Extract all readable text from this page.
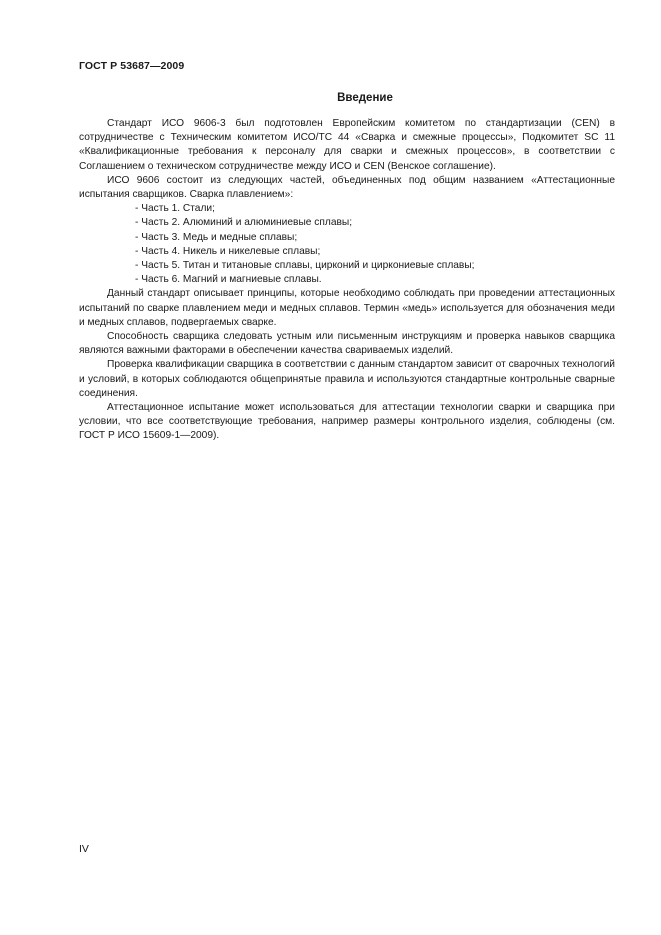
ГОСТ Р 53687—2009
Введение

Стандарт ИСО 9606-3 был подготовлен Европейским комитетом по стандартизации (CEN) в сотрудничестве с Техническим комитетом ИСО/ТС 44 «Сварка и смежные процессы», Подкомитет SC 11 «Квалификационные требования к персоналу для сварки и смежных процессов», в соответствии с Соглашением о техническом сотрудничестве между ИСО и CEN (Венское соглашение).

ИСО 9606 состоит из следующих частей, объединенных под общим названием «Аттестационные испытания сварщиков. Сварка плавлением»:

- Часть 1. Стали;

- Часть 2. Алюминий и алюминиевые сплавы;

- Часть 3. Медь и медные сплавы;

- Часть 4. Никель и никелевые сплавы;

- Часть 5. Титан и титановые сплавы, цирконий и циркониевые сплавы;

- Часть 6. Магний и магниевые сплавы.

Данный стандарт описывает принципы, которые необходимо соблюдать при проведении аттестационных испытаний по сварке плавлением меди и медных сплавов. Термин «медь» используется для обозначения меди и медных сплавов, подвергаемых сварке.

Способность сварщика следовать устным или письменным инструкциям и проверка навыков сварщика являются важными факторами в обеспечении качества свариваемых изделий.

Проверка квалификации сварщика в соответствии с данным стандартом зависит от сварочных технологий и условий, в которых соблюдаются общепринятые правила и используются стандартные контрольные сварные соединения.

Аттестационное испытание может использоваться для аттестации технологии сварки и сварщика при условии, что все соответствующие требования, например размеры контрольного изделия, соблюдены (см. ГОСТ Р ИСО 15609-1—2009).

IV
